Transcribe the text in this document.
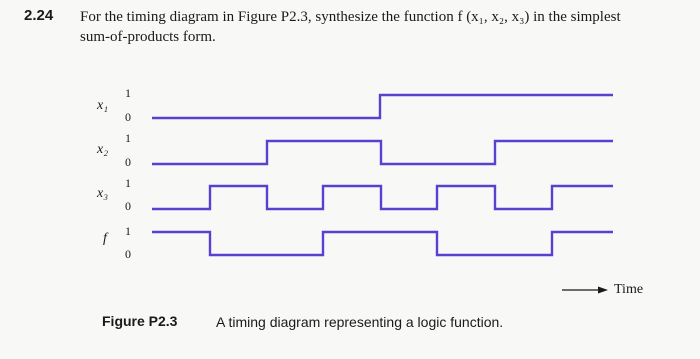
2.24 For the timing diagram in Figure P2.3, synthesize the function f (x₁, x₂, x₃) in the simplest
sum-of-products form.
x₁
x₂
x₃
f
1
0
1
0
1
0
1
0
Time
Figure P2.3	A timing diagram representing a logic function.
